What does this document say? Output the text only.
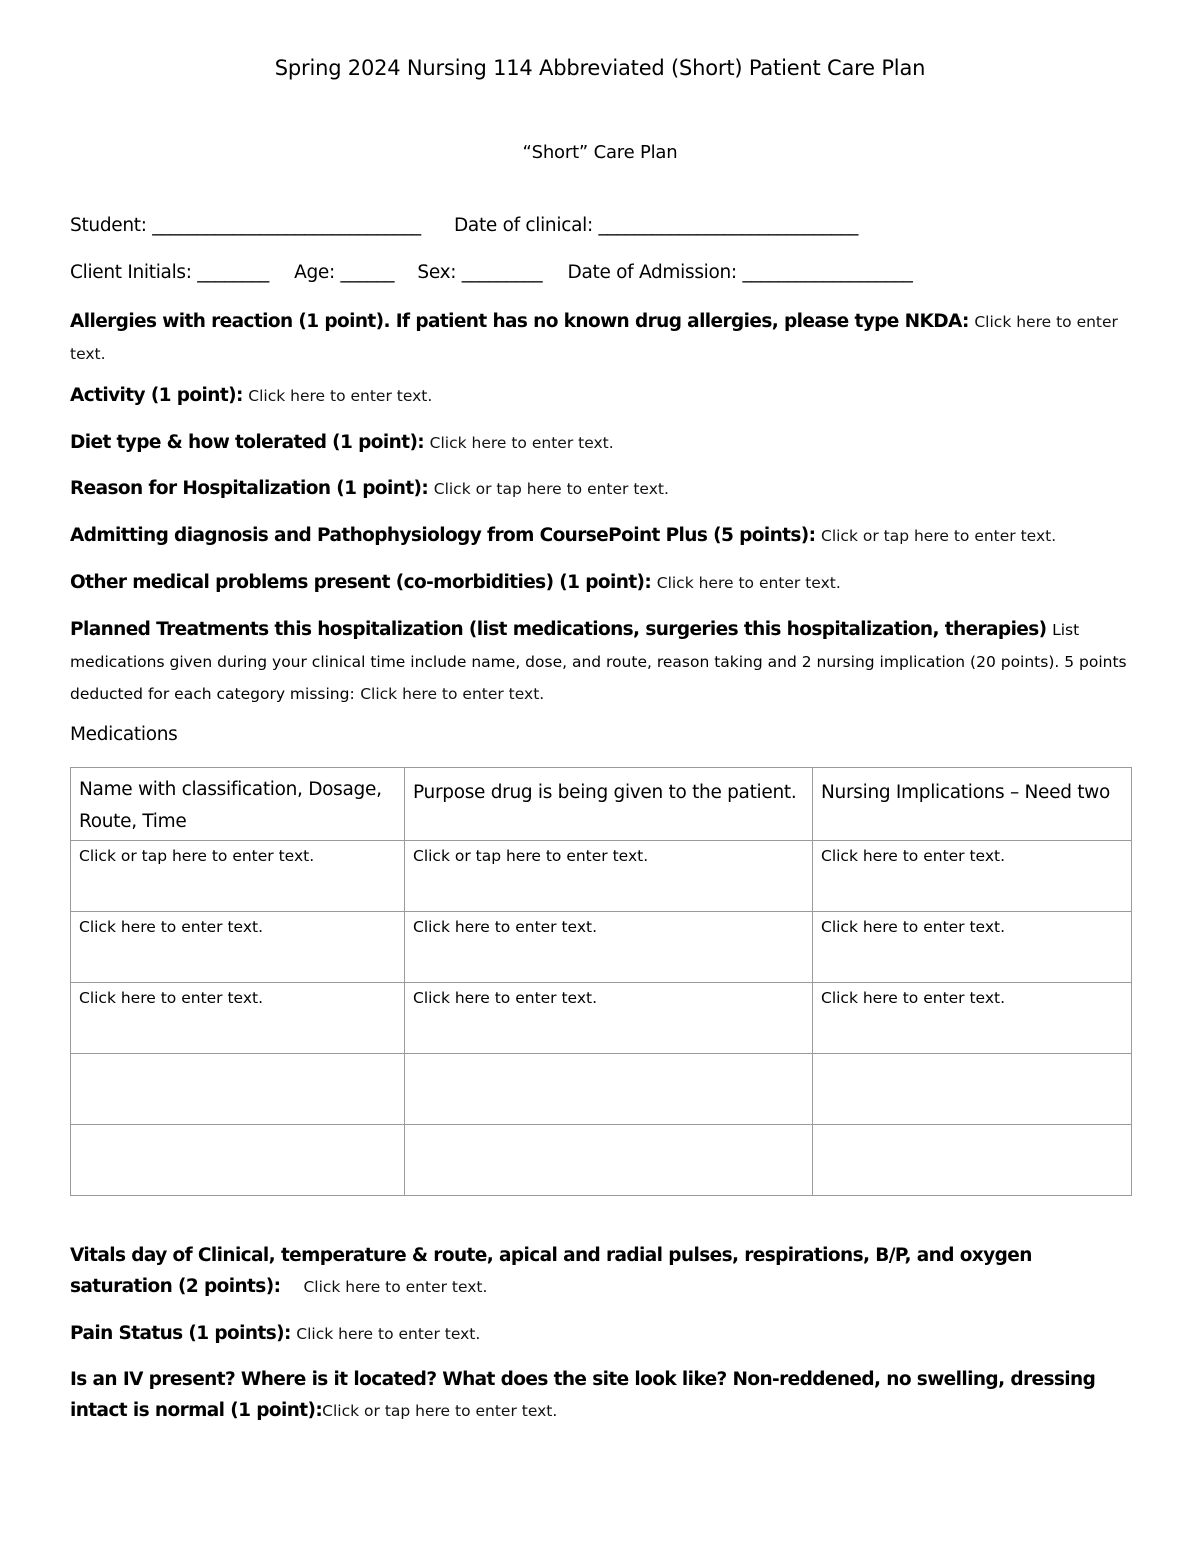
Spring 2024 Nursing 114 Abbreviated (Short) Patient Care Plan
“Short” Care Plan
Student: ______________________________ Date of clinical: _____________________________
Client Initials: ________ Age: ______ Sex: _________ Date of Admission: ___________________
Allergies with reaction (1 point). If patient has no known drug allergies, please type NKDA: Click here to enter text.
Activity (1 point): Click here to enter text.
Diet type & how tolerated (1 point): Click here to enter text.
Reason for Hospitalization (1 point): Click or tap here to enter text.
Admitting diagnosis and Pathophysiology from CoursePoint Plus (5 points): Click or tap here to enter text.
Other medical problems present (co-morbidities) (1 point): Click here to enter text.
Planned Treatments this hospitalization (list medications, surgeries this hospitalization, therapies) List medications given during your clinical time include name, dose, and route, reason taking and 2 nursing implication (20 points). 5 points deducted for each category missing: Click here to enter text.
Medications
Name with classification, Dosage, Route, Time	Purpose drug is being given to the patient.	Nursing Implications – Need two

Click or tap here to enter text.	Click or tap here to enter text.	Click here to enter text.

Click here to enter text.	Click here to enter text.	Click here to enter text.

Click here to enter text.	Click here to enter text.	Click here to enter text.

Vitals day of Clinical, temperature & route, apical and radial pulses, respirations, B/P, and oxygen saturation (2 points): Click here to enter text.
Pain Status (1 points): Click here to enter text.
Is an IV present? Where is it located? What does the site look like? Non-reddened, no swelling, dressing intact is normal (1 point):Click or tap here to enter text.
